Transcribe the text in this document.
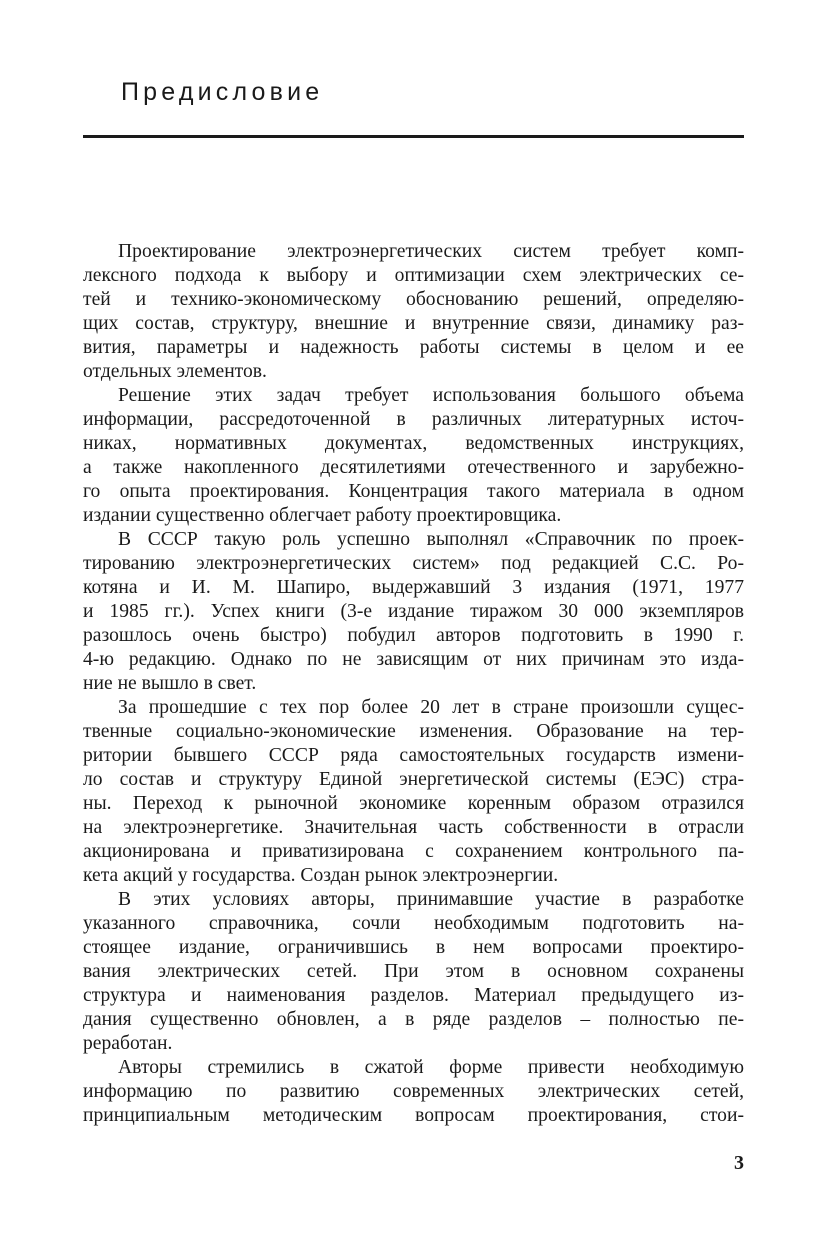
Предисловие
Проектирование электроэнергетических систем требует комп-
лексного подхода к выбору и оптимизации схем электрических се-
тей и технико-экономическому обоснованию решений, определяю-
щих состав, структуру, внешние и внутренние связи, динамику раз-
вития, параметры и надежность работы системы в целом и ее
отдельных элементов.
Решение этих задач требует использования большого объема
информации, рассредоточенной в различных литературных источ-
никах, нормативных документах, ведомственных инструкциях,
а также накопленного десятилетиями отечественного и зарубежно-
го опыта проектирования. Концентрация такого материала в одном
издании существенно облегчает работу проектировщика.
В СССР такую роль успешно выполнял «Справочник по проек-
тированию электроэнергетических систем» под редакцией С.С. Ро-
котяна и И. М. Шапиро, выдержавший 3 издания (1971, 1977
и 1985 гг.). Успех книги (3-е издание тиражом 30 000 экземпляров
разошлось очень быстро) побудил авторов подготовить в 1990 г.
4-ю редакцию. Однако по не зависящим от них причинам это изда-
ние не вышло в свет.
За прошедшие с тех пор более 20 лет в стране произошли сущес-
твенные социально-экономические изменения. Образование на тер-
ритории бывшего СССР ряда самостоятельных государств измени-
ло состав и структуру Единой энергетической системы (ЕЭС) стра-
ны. Переход к рыночной экономике коренным образом отразился
на электроэнергетике. Значительная часть собственности в отрасли
акционирована и приватизирована с сохранением контрольного па-
кета акций у государства. Создан рынок электроэнергии.
В этих условиях авторы, принимавшие участие в разработке
указанного справочника, сочли необходимым подготовить на-
стоящее издание, ограничившись в нем вопросами проектиро-
вания электрических сетей. При этом в основном сохранены
структура и наименования разделов. Материал предыдущего из-
дания существенно обновлен, а в ряде разделов – полностью пе-
реработан.
Авторы стремились в сжатой форме привести необходимую
информацию по развитию современных электрических сетей,
принципиальным методическим вопросам проектирования, стои-
3
